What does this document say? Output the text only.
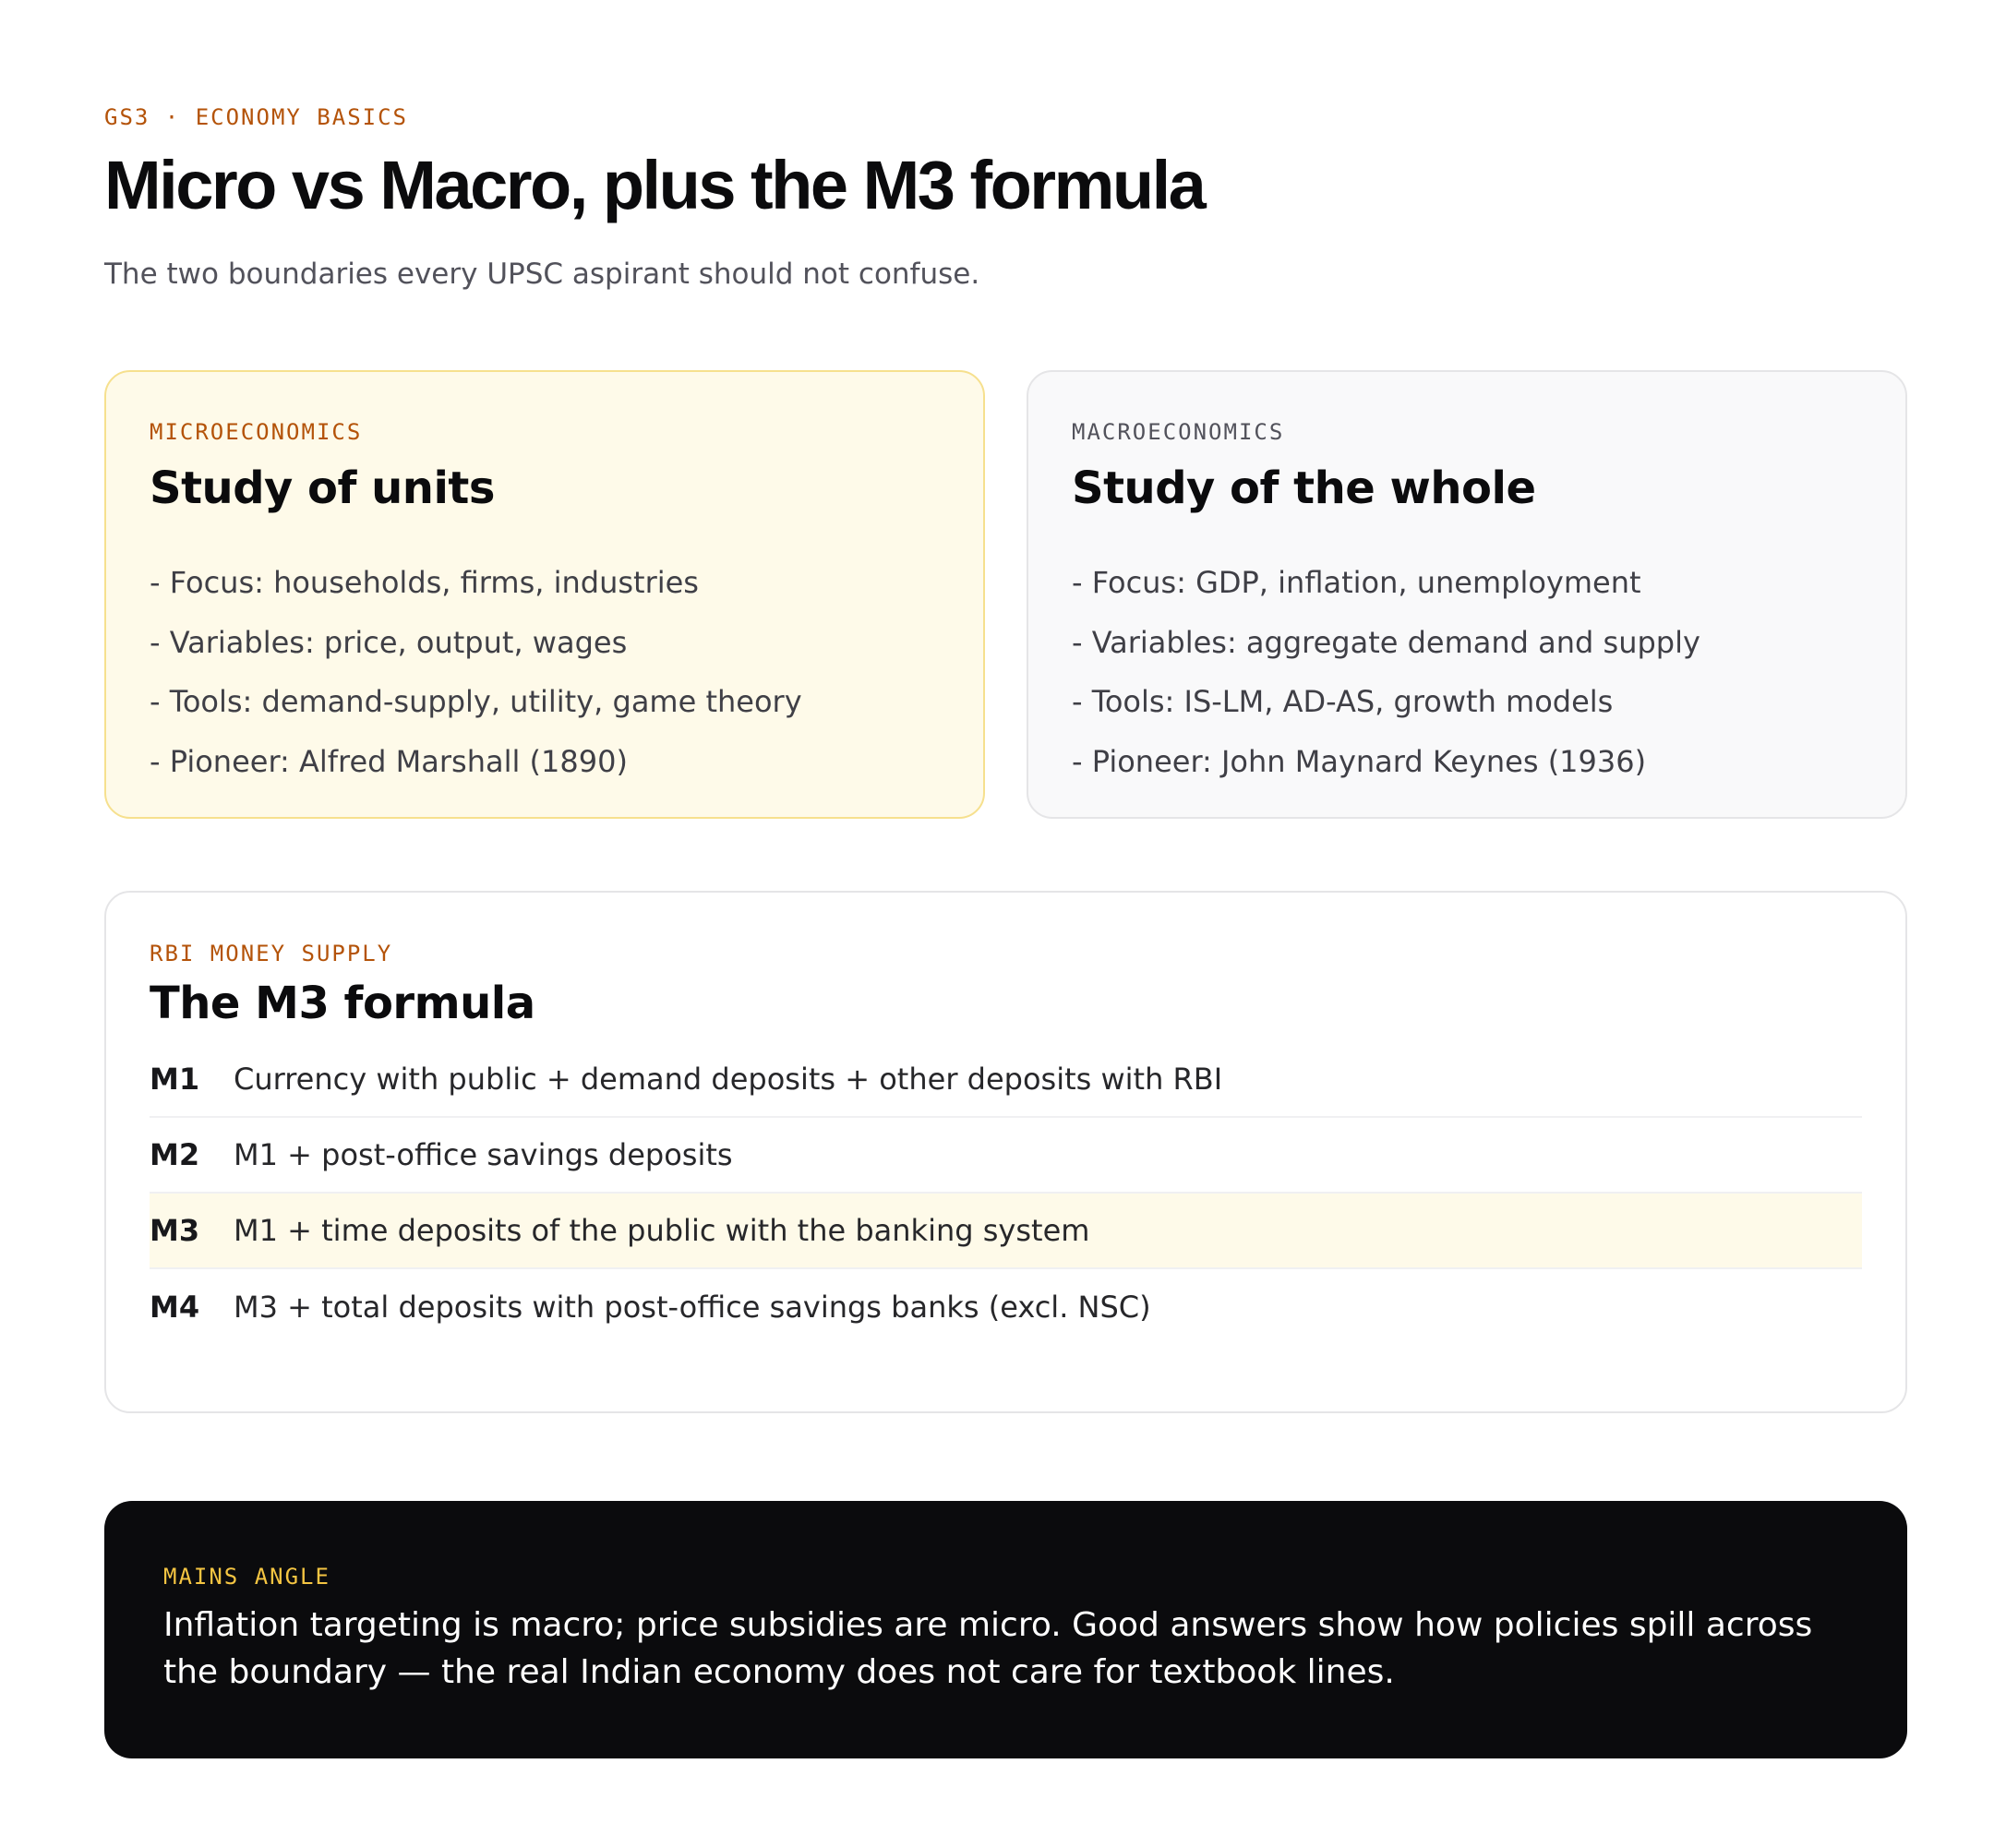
GS3 · ECONOMY BASICS
Micro vs Macro, plus the M3 formula
The two boundaries every UPSC aspirant should not confuse.
MICROECONOMICS
Study of units
- Focus: households, firms, industries
- Variables: price, output, wages
- Tools: demand-supply, utility, game theory
- Pioneer: Alfred Marshall (1890)
MACROECONOMICS
Study of the whole
- Focus: GDP, inflation, unemployment
- Variables: aggregate demand and supply
- Tools: IS-LM, AD-AS, growth models
- Pioneer: John Maynard Keynes (1936)
RBI MONEY SUPPLY
The M3 formula
M1	Currency with public + demand deposits + other deposits with RBI
M2	M1 + post-office savings deposits
M3	M1 + time deposits of the public with the banking system
M4	M3 + total deposits with post-office savings banks (excl. NSC)
MAINS ANGLE

Inflation targeting is macro; price subsidies are micro. Good answers show how policies spill across the boundary — the real Indian economy does not care for textbook lines.
